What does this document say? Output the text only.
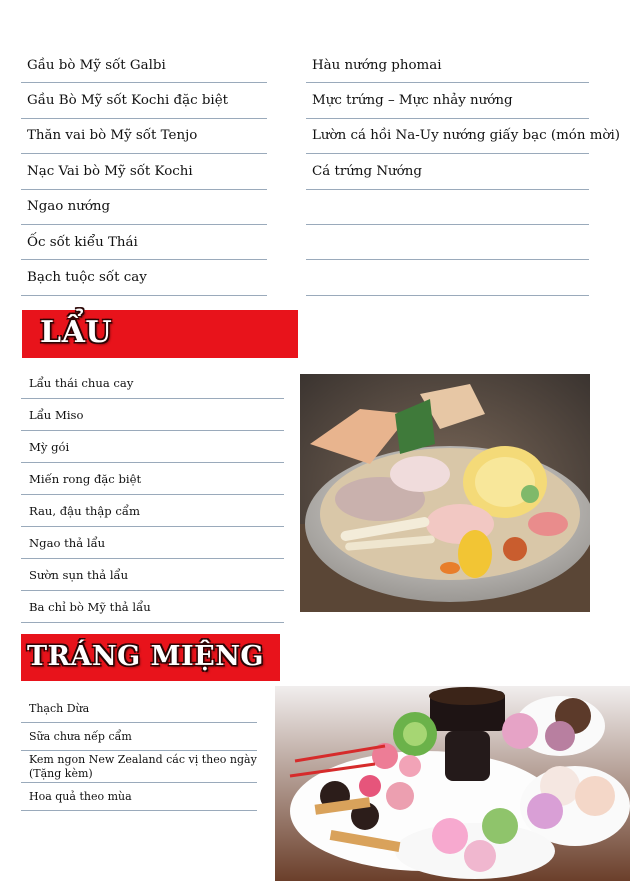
Gầu bò Mỹ sốt Galbi
Gầu Bò Mỹ sốt Kochi đặc biệt
Thăn vai bò Mỹ sốt Tenjo
Nạc Vai bò Mỹ sốt Kochi
Ngao nướng
Ốc sốt kiểu Thái
Bạch tuộc sốt cay
Hàu nướng phomai
Mực trứng – Mực nhảy nướng
Lườn cá hồi Na-Uy nướng giấy bạc (món mời)
Cá trứng Nướng
LẨU
Lẩu thái chua cay
Lẩu Miso
Mỳ gói
Miến rong đặc biệt
Rau, đậu thập cẩm
Ngao thả lẩu
Sườn sụn thả lẩu
Ba chỉ bò Mỹ thả lẩu
TRÁNG MIỆNG
Thạch Dừa
Sữa chưa nếp cẩm
Kem ngon New Zealand các vị theo ngày (Tặng kèm)
Hoa quả theo mùa
